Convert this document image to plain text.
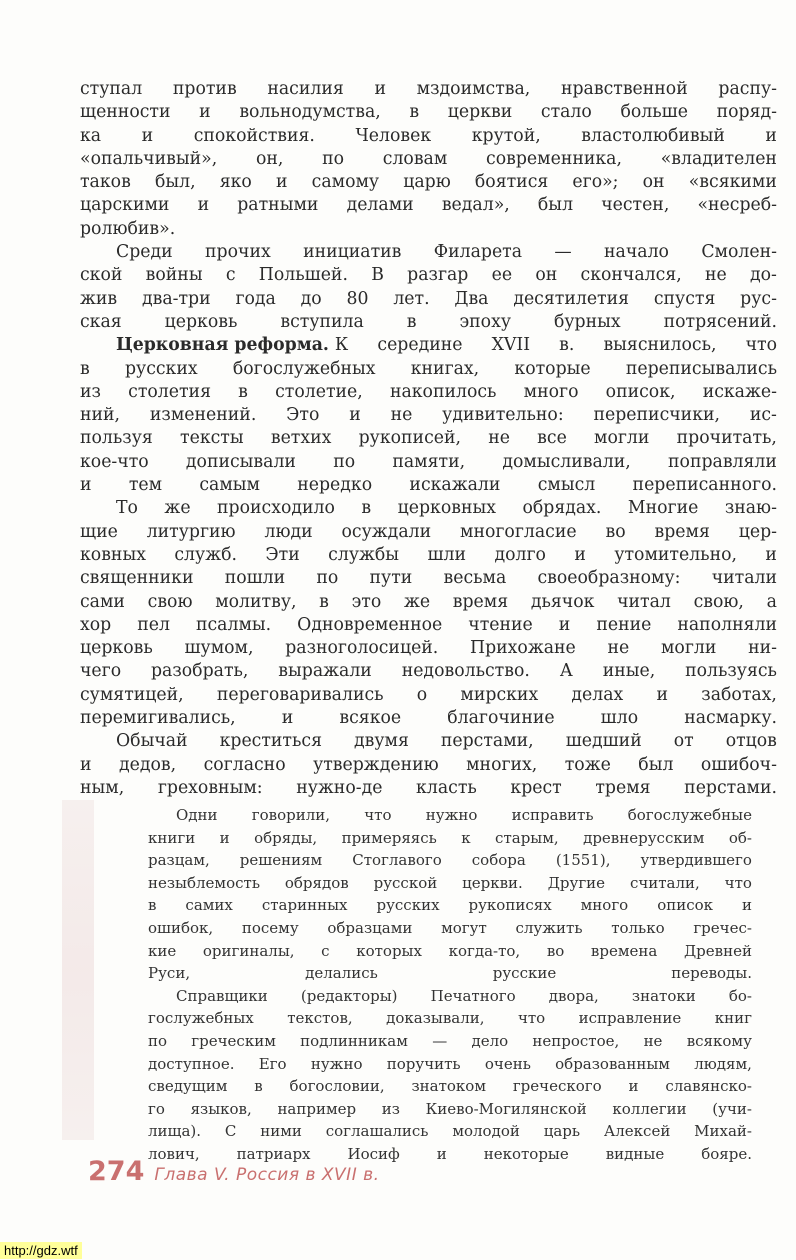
ступал против насилия и мздоимства, нравственной распу-
щенности и вольнодумства, в церкви стало больше поряд-
ка и спокойствия. Человек крутой, властолюбивый и
«опальчивый», он, по словам современника, «владителен
таков был, яко и самому царю боятися его»; он «всякими
царскими и ратными делами ведал», был честен, «несреб-
ролюбив».
Среди прочих инициатив Филарета — начало Смолен-
ской войны с Польшей. В разгар ее он скончался, не до-
жив два-три года до 80 лет. Два десятилетия спустя рус-
ская церковь вступила в эпоху бурных потрясений.
Церковная реформа. К середине XVII в. выяснилось, что
в русских богослужебных книгах, которые переписывались
из столетия в столетие, накопилось много описок, искаже-
ний, изменений. Это и не удивительно: переписчики, ис-
пользуя тексты ветхих рукописей, не все могли прочитать,
кое-что дописывали по памяти, домысливали, поправляли
и тем самым нередко искажали смысл переписанного.
То же происходило в церковных обрядах. Многие знаю-
щие литургию люди осуждали многогласие во время цер-
ковных служб. Эти службы шли долго и утомительно, и
священники пошли по пути весьма своеобразному: читали
сами свою молитву, в это же время дьячок читал свою, а
хор пел псалмы. Одновременное чтение и пение наполняли
церковь шумом, разноголосицей. Прихожане не могли ни-
чего разобрать, выражали недовольство. А иные, пользуясь
сумятицей, переговаривались о мирских делах и заботах,
перемигивались, и всякое благочиние шло насмарку.
Обычай креститься двумя перстами, шедший от отцов
и дедов, согласно утверждению многих, тоже был ошибоч-
ным, греховным: нужно-де класть крест тремя перстами.
Одни говорили, что нужно исправить богослужебные
книги и обряды, примеряясь к старым, древнерусским об-
разцам, решениям Стоглавого собора (1551), утвердившего
незыблемость обрядов русской церкви. Другие считали, что
в самих старинных русских рукописях много описок и
ошибок, посему образцами могут служить только гречес-
кие оригиналы, с которых когда-то, во времена Древней
Руси, делались русские переводы.
Справщики (редакторы) Печатного двора, знатоки бо-
гослужебных текстов, доказывали, что исправление книг
по греческим подлинникам — дело непростое, не всякому
доступное. Его нужно поручить очень образованным людям,
сведущим в богословии, знатоком греческого и славянско-
го языков, например из Киево-Могилянской коллегии (учи-
лища). С ними соглашались молодой царь Алексей Михай-
лович, патриарх Иосиф и некоторые видные бояре.
274 Глава V. Россия в XVII в.
http://gdz.wtf
